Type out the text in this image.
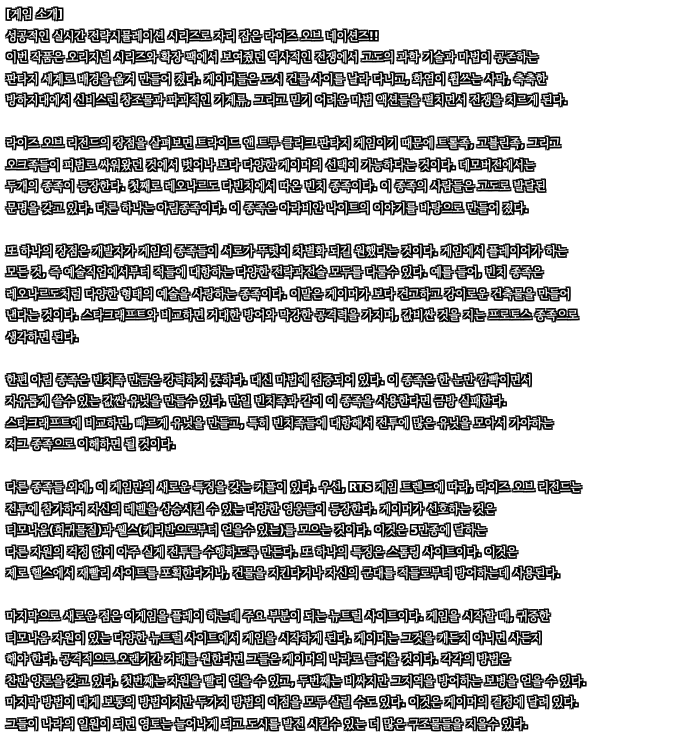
[게임 소개]
성공적인 실시간 전략시뮬레이션 시리즈로 자리 잡은 라이즈 오브 네이션즈!!
이번 작품은 오리지널 시리즈와 확장 팩에서 보여줬던 역사적인 전쟁에서 고도의 과학 기술과 마법이 공존하는
판타지 세계로 배경을 옮겨 만들어 졌다. 게이머들은 도시 건물 사이를 날라 다니고, 화염이 휩쓰는 사막, 축축한
방하지대에서 신비스런 창조물과 파괴적인 기계류, 그리고 믿기 어려운 마법 액션들을 펼치면서 전쟁을 치르게 된다.
라이즈 오브 리전드의 장점을 살펴보면 트라이드 앤 트루 클리크 판타지 게임이기 때문에 트롤족, 고블린족, 그리고
오크족들이 피범로 싸워왔던 것에서 벗어나 보다 다양한 게이머의 선택이 가능하다는 것이다. 데모버전에서는
두개의 종족이 등장한다. 첫째로 레오나르도 다빈치에서 따온 빈치 종족이다. 이 종족의 사람들은 고도로 발달된
문명을 갖고 있다. 다른 하나는 아림종족이다. 이 종족은 아라비안 나이트의 이야기를 바탕으로 만들어 졌다.
또 하나의 장점은 개발자가 게임의 종족들이 서로가 뚜렷이 차별화 되길 원했다는 것이다. 게임에서 플레이어가 하는
모든 것, 즉 예술직업에서부터 적들에 대항하는 다양한 전략과전술 모두를 다룰수 있다. 예를 들어, 빈치 종족은
레오나르도처럼 다양한 형태의 예술을 사랑하는 종족이다. 이말은 게이머가 보다 견고하고 강이로운 건축물을 만들어
낸다는 것이다. 스타크래프트와 비교하면 거대한 방어와 막강한 공격력을 가지며, 값비싼 것을 지는 프로토스 종족으로
생각하면 된다.
한편 아림 종족은 빈치족 만큼은 강력하지 못하다. 대신 마법에 집중되어 있다. 이 종족은 한 눈만 깜빡이면서
자유롭게 쓸수 있는 값싼 유닛을 만들수 있다. 만일 빈치족과 같이 이 종족을 사용한다면 금방 실패한다.
스타크래프트에 비교하면, 빠르게 유닛을 만들고, 특히 빈치족들에 대항해서 전투에 많은 유닛을 모아서 가야하는
저그 종족으로 이해하면 될 것이다.
다른 종족들 외에, 이 게임만의 새로운 특징을 갖는 커플이 있다. 우선, RTS 게임 트렌드에 따라, 라이즈 오브 리전드는
전투에 참가하여 자신의 레벨을 상승시킬 수 있는 다양한 영웅들이 등장한다. 게이머가 선호하는 것은
티모나움(희귀물질)과 웰스(캐리반으로부터 얻을수 있는)를 모으는 것이다. 이것은 5만종에 달하는
다른 자원의 걱정 없이 아주 실게 전투를 수행하도록 만든다. 또 하나의 특징은 스톰링 사이트이다. 이것은
제로 헬스에서 재빨리 사이트를 포획한다거나, 건물을 지킨다거나 자신의 군대를 적들로부터 방어하는데 사용된다.
마지막으로 새로운 점은 이게임을 플레이 하는데 주요 부분이 되는 뉴트럴 사이트이다. 게임을 시작할 때, 귀중한
티모나움 자원이 있는 다양한 뉴트럴 사이트에서 게임을 시작하게 된다. 게이머는 그것을 캐든지 아니면 사든지
해야 한다. 공격적으로 오랜기간 거래를 원한다면 그들은 게이머의 나라로 들어올 것이다. 각각의 방법은
찬반 양론을 갖고 있다. 첫번째는 자원을 빨리 얻을 수 있고, 두번째는 비싸지만 그지역을 방어하는 보병을 얻을 수 있다.
마지막 방법이 대게 보통의 방법이지만 두가지 방법의 이점을 모두 살릴 수도 있다. 이것은 게이머의 결정에 달려 있다.
그들이 나라의 일원이 되면 영토는 늘어나게 되고 도시를 발전 시킬수 있는 더 많은 구조물들을 지을수 있다.
